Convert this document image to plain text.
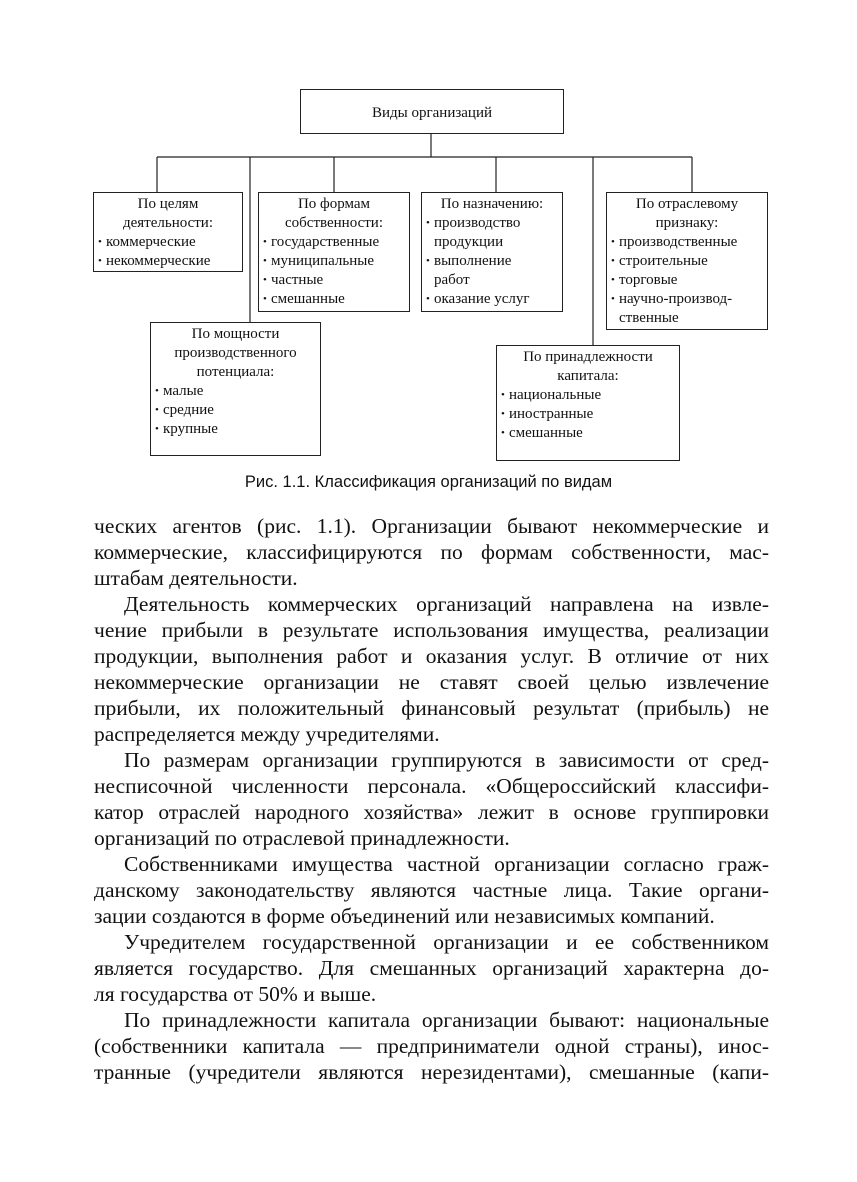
Виды организаций
По целям
деятельности:
• коммерческие
• некоммерческие
По формам
собственности:
• государственные
• муниципальные
• частные
• смешанные
По назначению:
• производство
продукции
• выполнение
работ
• оказание услуг
По отраслевому
признаку:
• производственные
• строительные
• торговые
• научно-производ-
ственные
По мощности
производственного
потенциала:
• малые
• средние
• крупные
По принадлежности
капитала:
• национальные
• иностранные
• смешанные
Рис. 1.1. Классификация организаций по видам
ческих агентов (рис. 1.1). Организации бывают некоммерческие и
коммерческие, классифицируются по формам собственности, мас-
штабам деятельности.
Деятельность коммерческих организаций направлена на извле-
чение прибыли в результате использования имущества, реализации
продукции, выполнения работ и оказания услуг. В отличие от них
некоммерческие организации не ставят своей целью извлечение
прибыли, их положительный финансовый результат (прибыль) не
распределяется между учредителями.
По размерам организации группируются в зависимости от сред-
несписочной численности персонала. «Общероссийский классифи-
катор отраслей народного хозяйства» лежит в основе группировки
организаций по отраслевой принадлежности.
Собственниками имущества частной организации согласно граж-
данскому законодательству являются частные лица. Такие органи-
зации создаются в форме объединений или независимых компаний.
Учредителем государственной организации и ее собственником
является государство. Для смешанных организаций характерна до-
ля государства от 50% и выше.
По принадлежности капитала организации бывают: национальные
(собственники капитала — предприниматели одной страны), инос-
транные (учредители являются нерезидентами), смешанные (капи-
